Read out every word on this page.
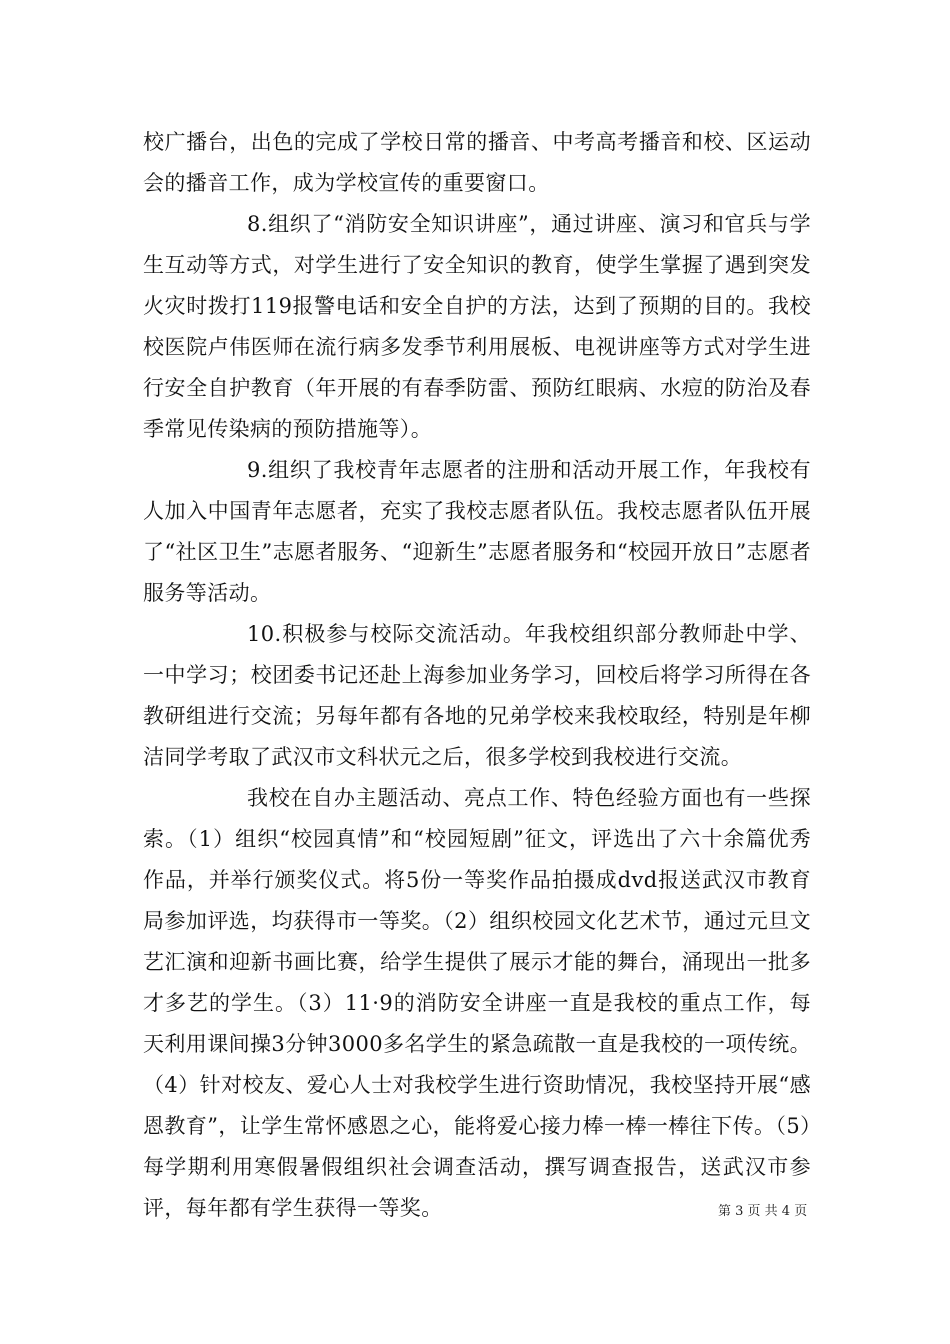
校广播台，出色的完成了学校日常的播音、中考高考播音和校、区运动会的播音工作，成为学校宣传的重要窗口。

8.组织了“消防安全知识讲座”，通过讲座、演习和官兵与学生互动等方式，对学生进行了安全知识的教育，使学生掌握了遇到突发火灾时拨打119报警电话和安全自护的方法，达到了预期的目的。我校校医院卢伟医师在流行病多发季节利用展板、电视讲座等方式对学生进行安全自护教育（年开展的有春季防雷、预防红眼病、水痘的防治及春季常见传染病的预防措施等）。

9.组织了我校青年志愿者的注册和活动开展工作，年我校有人加入中国青年志愿者，充实了我校志愿者队伍。我校志愿者队伍开展了“社区卫生”志愿者服务、“迎新生”志愿者服务和“校园开放日”志愿者服务等活动。

10.积极参与校际交流活动。年我校组织部分教师赴中学、一中学习；校团委书记还赴上海参加业务学习，回校后将学习所得在各教研组进行交流；另每年都有各地的兄弟学校来我校取经，特别是年柳洁同学考取了武汉市文科状元之后，很多学校到我校进行交流。

我校在自办主题活动、亮点工作、特色经验方面也有一些探索。（1）组织“校园真情”和“校园短剧”征文，评选出了六十余篇优秀作品，并举行颁奖仪式。将5份一等奖作品拍摄成dvd报送武汉市教育局参加评选，均获得市一等奖。（2）组织校园文化艺术节，通过元旦文艺汇演和迎新书画比赛，给学生提供了展示才能的舞台，涌现出一批多才多艺的学生。（3）11·9的消防安全讲座一直是我校的重点工作，每天利用课间操3分钟3000多名学生的紧急疏散一直是我校的一项传统。（4）针对校友、爱心人士对我校学生进行资助情况，我校坚持开展“感恩教育”，让学生常怀感恩之心，能将爱心接力棒一棒一棒往下传。（5）每学期利用寒假暑假组织社会调查活动，撰写调查报告，送武汉市参评，每年都有学生获得一等奖。	第 3 页 共 4 页
